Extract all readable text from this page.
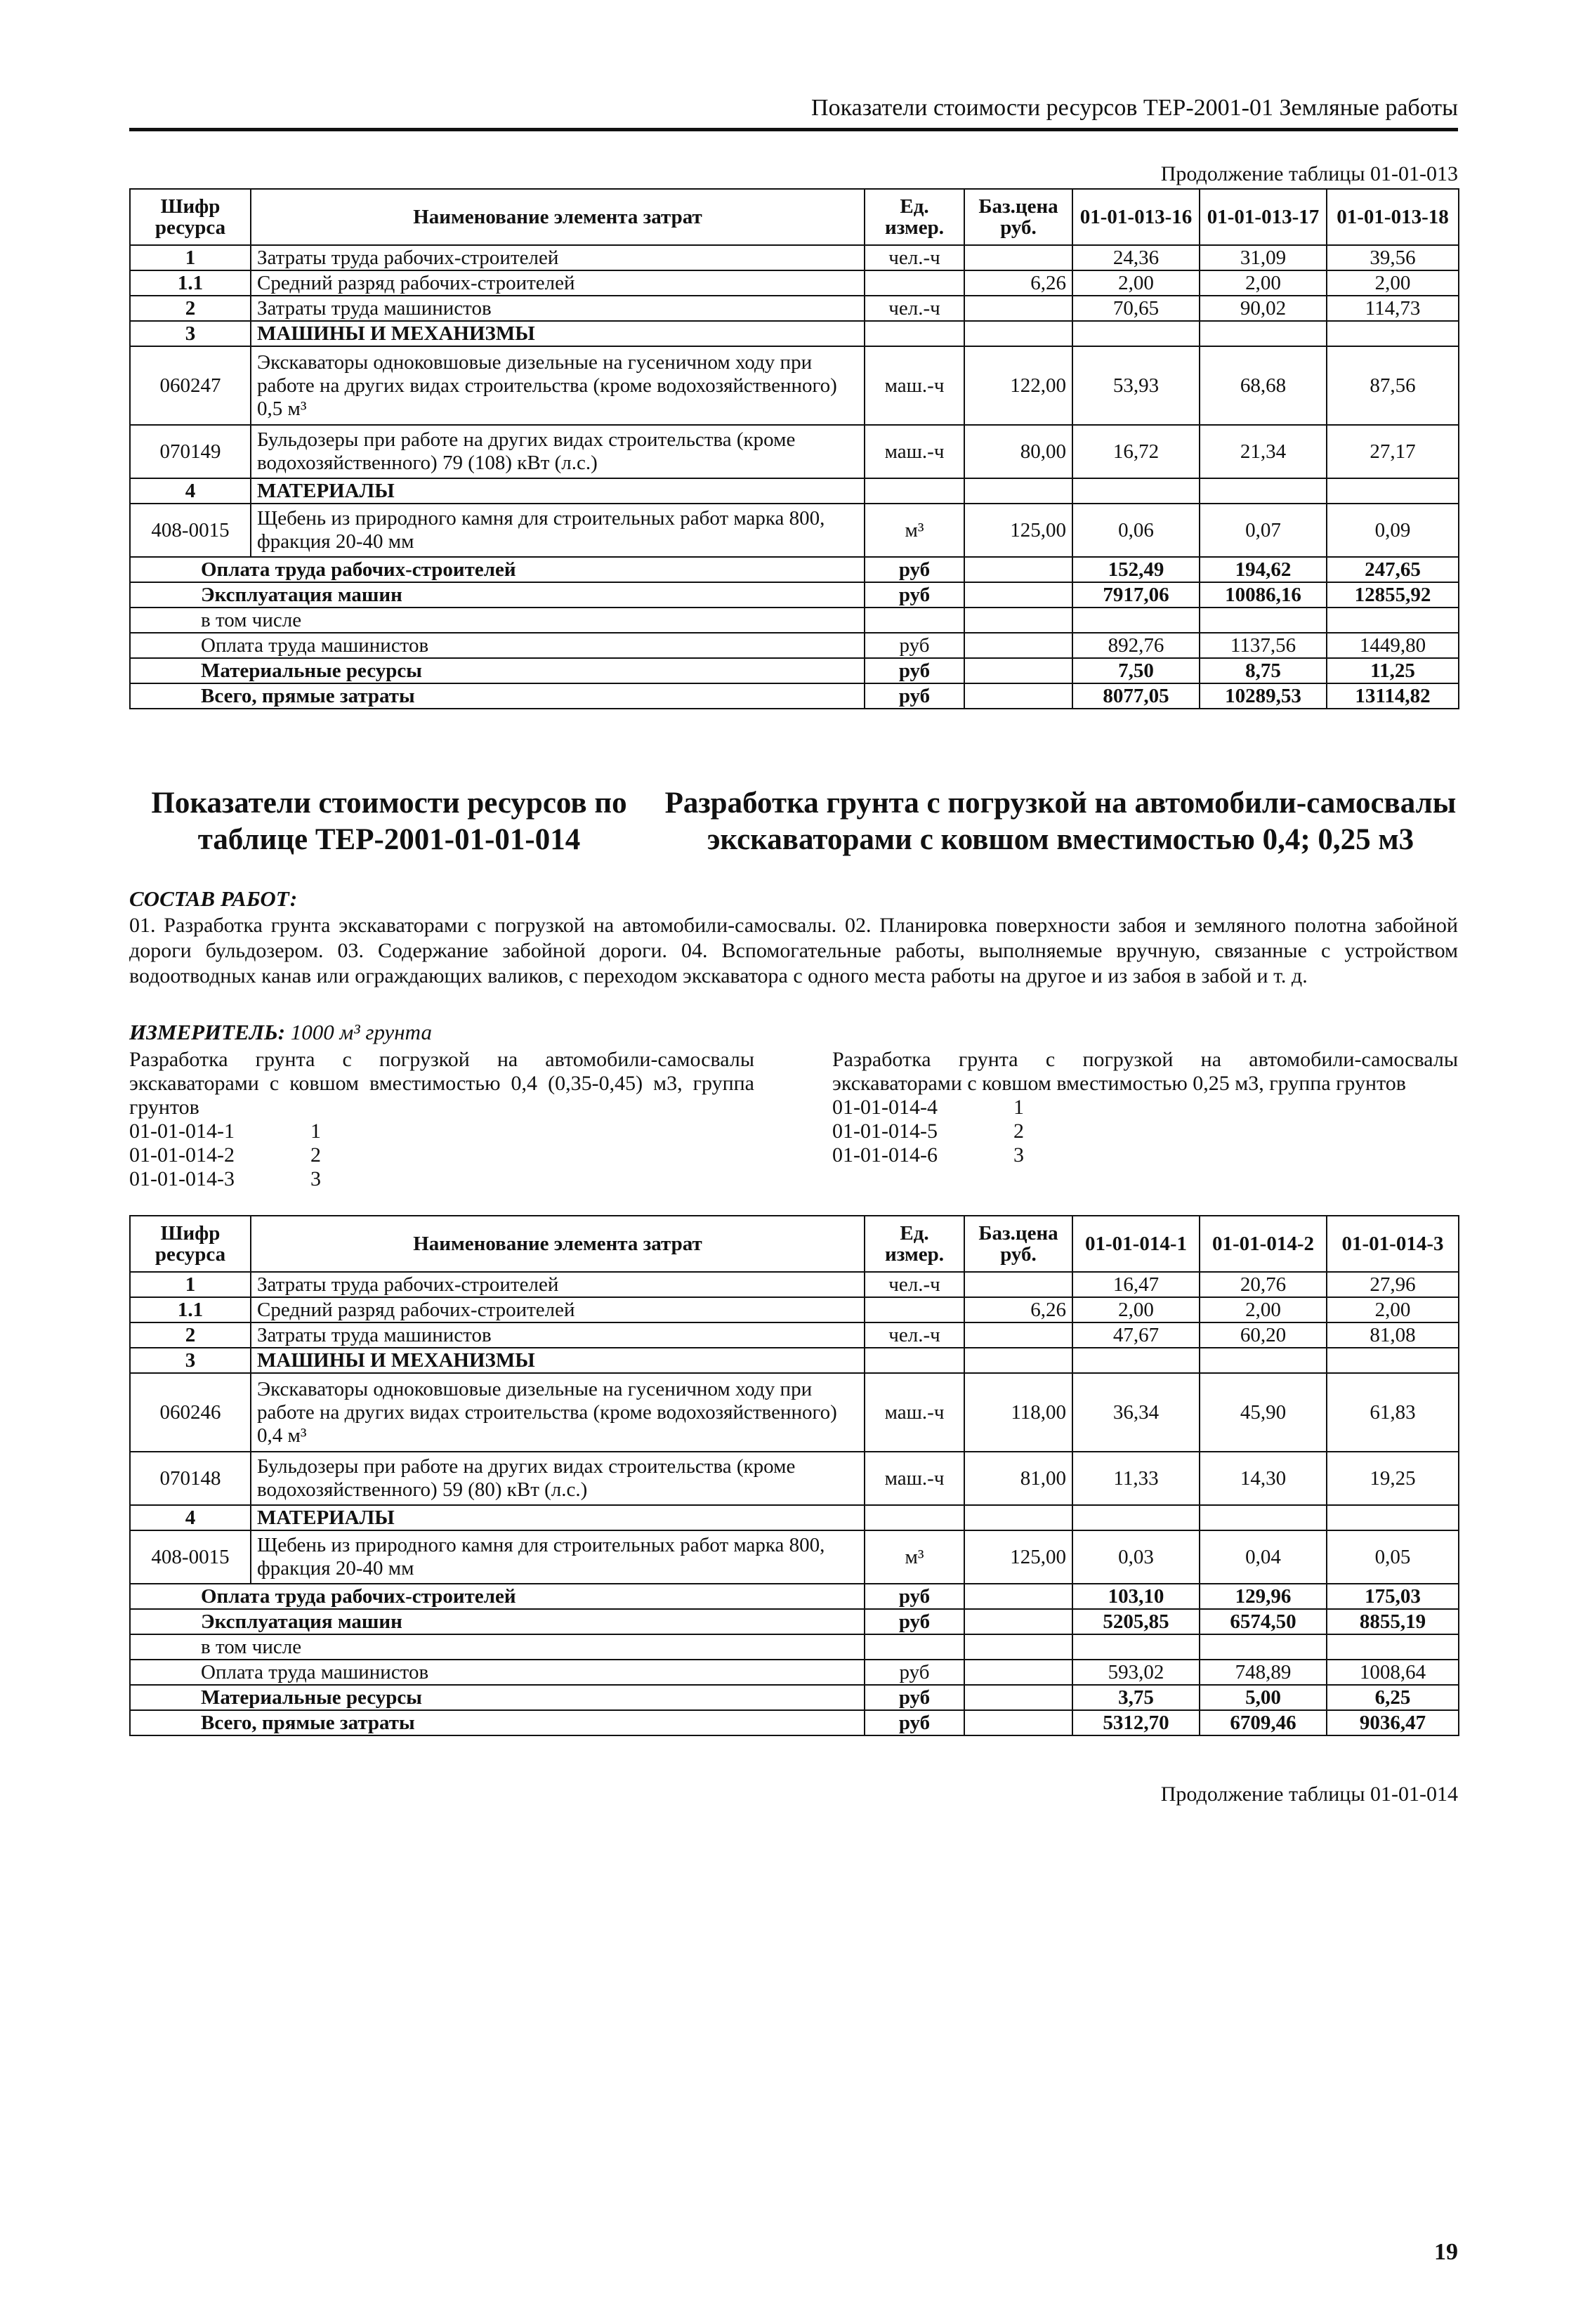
Показатели стоимости ресурсов ТЕР-2001-01 Земляные работы
Продолжение таблицы 01-01-013
Шифр ресурса	Наименование элемента затрат	Ед. измер.	Баз.цена руб.	01-01-013-16	01-01-013-17	01-01-013-18
1	Затраты труда рабочих-строителей	чел.-ч		24,36	31,09	39,56
1.1	Средний разряд рабочих-строителей		6,26	2,00	2,00	2,00
2	Затраты труда машинистов	чел.-ч		70,65	90,02	114,73
3	МАШИНЫ И МЕХАНИЗМЫ					
060247	Экскаваторы одноковшовые дизельные на гусеничном ходу при работе на других видах строительства (кроме водохозяйственного) 0,5 м³	маш.-ч	122,00	53,93	68,68	87,56
070149	Бульдозеры при работе на других видах строительства (кроме водохозяйственного) 79 (108) кВт (л.с.)	маш.-ч	80,00	16,72	21,34	27,17
4	МАТЕРИАЛЫ					
408-0015	Щебень из природного камня для строительных работ марка 800, фракция 20-40 мм	м³	125,00	0,06	0,07	0,09
Оплата труда рабочих-строителей		руб		152,49	194,62	247,65
Эксплуатация машин		руб		7917,06	10086,16	12855,92
в том числе						
Оплата труда машинистов		руб		892,76	1137,56	1449,80
Материальные ресурсы		руб		7,50	8,75	11,25
Всего, прямые затраты		руб		8077,05	10289,53	13114,82
Показатели стоимости ресурсов по таблице ТЕР-2001-01-01-014
Разработка грунта с погрузкой на автомобили-самосвалы экскаваторами с ковшом вместимостью 0,4; 0,25 м3
СОСТАВ РАБОТ:
01. Разработка грунта экскаваторами с погрузкой на автомобили-самосвалы. 02. Планировка поверхности забоя и земляного полотна забойной дороги бульдозером. 03. Содержание забойной дороги. 04. Вспомогательные работы, выполняемые вручную, связанные с устройством водоотводных канав или ограждающих валиков, с переходом экскаватора с одного места работы на другое и из забоя в забой и т. д.
ИЗМЕРИТЕЛЬ: 1000 м³ грунта
Разработка грунта с погрузкой на автомобили-самосвалы экскаваторами с ковшом вместимостью 0,4 (0,35-0,45) м3, группа грунтов
01-01-014-1	1
01-01-014-2	2
01-01-014-3	3
Разработка грунта с погрузкой на автомобили-самосвалы экскаваторами с ковшом вместимостью 0,25 м3, группа грунтов
01-01-014-4	1
01-01-014-5	2
01-01-014-6	3
Шифр ресурса	Наименование элемента затрат	Ед. измер.	Баз.цена руб.	01-01-014-1	01-01-014-2	01-01-014-3
1	Затраты труда рабочих-строителей	чел.-ч		16,47	20,76	27,96
1.1	Средний разряд рабочих-строителей		6,26	2,00	2,00	2,00
2	Затраты труда машинистов	чел.-ч		47,67	60,20	81,08
3	МАШИНЫ И МЕХАНИЗМЫ					
060246	Экскаваторы одноковшовые дизельные на гусеничном ходу при работе на других видах строительства (кроме водохозяйственного) 0,4 м³	маш.-ч	118,00	36,34	45,90	61,83
070148	Бульдозеры при работе на других видах строительства (кроме водохозяйственного) 59 (80) кВт (л.с.)	маш.-ч	81,00	11,33	14,30	19,25
4	МАТЕРИАЛЫ					
408-0015	Щебень из природного камня для строительных работ марка 800, фракция 20-40 мм	м³	125,00	0,03	0,04	0,05
Оплата труда рабочих-строителей		руб		103,10	129,96	175,03
Эксплуатация машин		руб		5205,85	6574,50	8855,19
в том числе						
Оплата труда машинистов		руб		593,02	748,89	1008,64
Материальные ресурсы		руб		3,75	5,00	6,25
Всего, прямые затраты		руб		5312,70	6709,46	9036,47
Продолжение таблицы 01-01-014
19
